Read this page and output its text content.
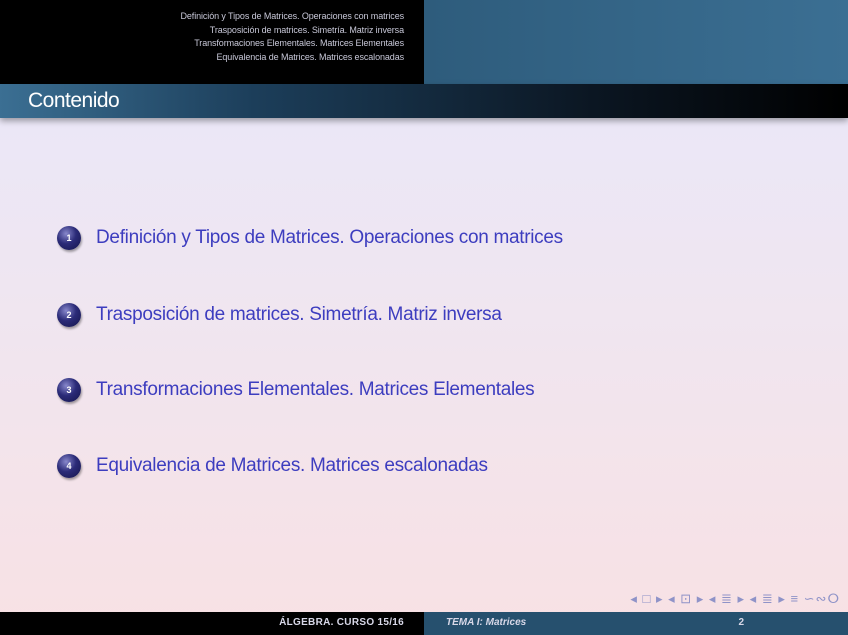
Definición y Tipos de Matrices. Operaciones con matrices
Trasposición de matrices. Simetría. Matriz inversa
Transformaciones Elementales. Matrices Elementales
Equivalencia de Matrices. Matrices escalonadas
Contenido
1	Definición y Tipos de Matrices. Operaciones con matrices
2	Trasposición de matrices. Simetría. Matriz inversa
3	Transformaciones Elementales. Matrices Elementales
4	Equivalencia de Matrices. Matrices escalonadas
◂ □ ▸ ◂ ⊡ ▸ ◂ ≣ ▸ ◂ ≣ ▸ ≡ ∽∾ⵔ
ÁLGEBRA. CURSO 15/16	TEMA I: Matrices	2
